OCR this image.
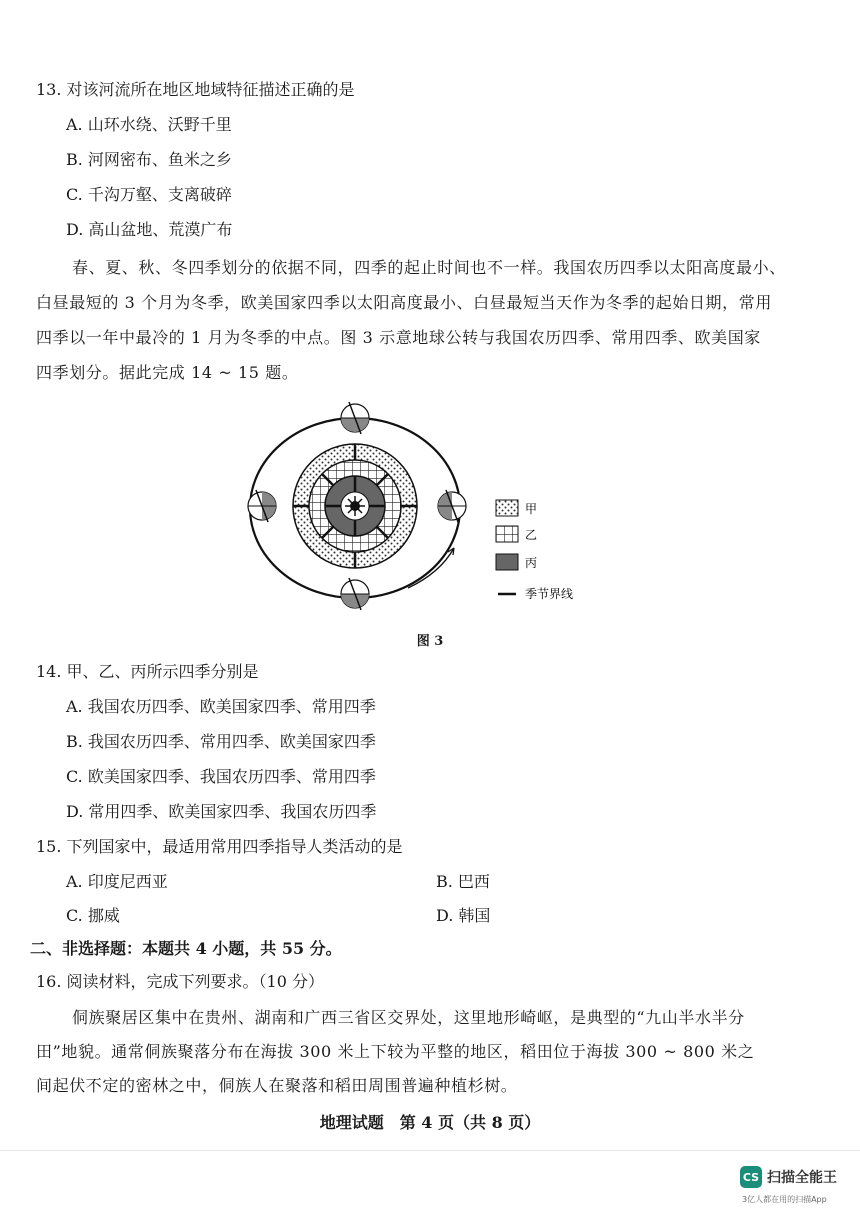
13. 对该河流所在地区地域特征描述正确的是
A. 山环水绕、沃野千里
B. 河网密布、鱼米之乡
C. 千沟万壑、支离破碎
D. 高山盆地、荒漠广布
春、夏、秋、冬四季划分的依据不同，四季的起止时间也不一样。我国农历四季以太阳高度最小、
白昼最短的 3 个月为冬季，欧美国家四季以太阳高度最小、白昼最短当天作为冬季的起始日期，常用
四季以一年中最冷的 1 月为冬季的中点。图 3 示意地球公转与我国农历四季、常用四季、欧美国家
四季划分。据此完成 14 ~ 15 题。
甲
乙
丙
季节界线
图 3
14. 甲、乙、丙所示四季分别是
A. 我国农历四季、欧美国家四季、常用四季
B. 我国农历四季、常用四季、欧美国家四季
C. 欧美国家四季、我国农历四季、常用四季
D. 常用四季、欧美国家四季、我国农历四季
15. 下列国家中，最适用常用四季指导人类活动的是
A. 印度尼西亚	B. 巴西
C. 挪威	D. 韩国
二、非选择题：本题共 4 小题，共 55 分。
16. 阅读材料，完成下列要求。（10 分）
侗族聚居区集中在贵州、湖南和广西三省区交界处，这里地形崎岖，是典型的“九山半水半分
田”地貌。通常侗族聚落分布在海拔 300 米上下较为平整的地区，稻田位于海拔 300 ~ 800 米之
间起伏不定的密林之中，侗族人在聚落和稻田周围普遍种植杉树。
地理试题　第 4 页（共 8 页）
CS 扫描全能王
3亿人都在用的扫描App
